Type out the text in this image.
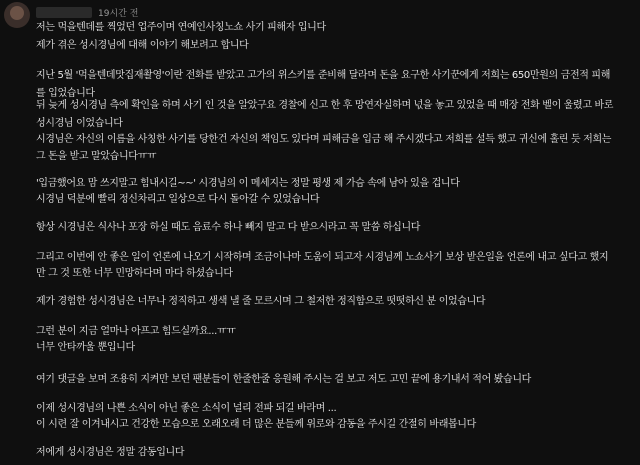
19시간 전
저는 먹을텐데를 찍었던 업주이며 연예인사칭노쇼 사기 피해자 입니다
제가 겪은 성시경님에 대해 이야기 해보려고 합니다
지난 5월 '먹을텐데맛집재촬영'이란 전화를 받았고 고가의 위스키를 준비해 달라며 돈을 요구한 사기꾼에게 저희는 650만원의 금전적 피해
를 입었습니다
뒤 늦게 성시경님 측에 확인을 하며 사기 인 것을 알았구요 경찰에 신고 한 후 망연자실하며 넋을 놓고 있었을 때 매장 전화 벨이 울렸고 바로
성시경님 이었습니다
시경님은 자신의 이름을 사칭한 사기를 당한건 자신의 책임도 있다며 피해금을 입금 해 주시겠다고 저희를 설득 했고 귀신에 홀린 듯 저희는
그 돈을 받고 말았습니다ㅠㅠ
'입금했어요 맘 쓰지말고 힘내시길~~' 시경님의 이 메세지는 정말 평생 제 가슴 속에 남아 있을 겁니다
시경님 덕분에 빨리 정신차리고 일상으로 다시 돌아갈 수 있었습니다
항상 시경님은 식사나 포장 하실 때도 음료수 하나 빼지 말고 다 받으시라고 꼭 말씀 하십니다
그리고 이번에 안 좋은 일이 언론에 나오기 시작하며 조금이나마 도움이 되고자 시경님께 노쇼사기 보상 받은일을 언론에 내고 싶다고 했지
만 그 것 또한 너무 민망하다며 마다 하셨습니다
제가 경험한 성시경님은 너무나 정직하고 생색 낼 줄 모르시며 그 철저한 정직함으로 떳떳하신 분 이었습니다
그런 분이 지금 얼마나 아프고 힘드실까요...ㅠㅠ
너무 안타까울 뿐입니다
여기 댓글을 보며 조용히 지켜만 보던 팬분들이 한줄한줄 응원해 주시는 걸 보고 저도 고민 끝에 용기내서 적어 봤습니다
이제 성시경님의 나쁜 소식이 아닌 좋은 소식이 널리 전파 되길 바라며 ...
이 시련 잘 이겨내시고 건강한 모습으로 오래오래 더 많은 분들께 위로와 감동을 주시길 간절히 바래봅니다
저에게 성시경님은 정말 감동입니다
